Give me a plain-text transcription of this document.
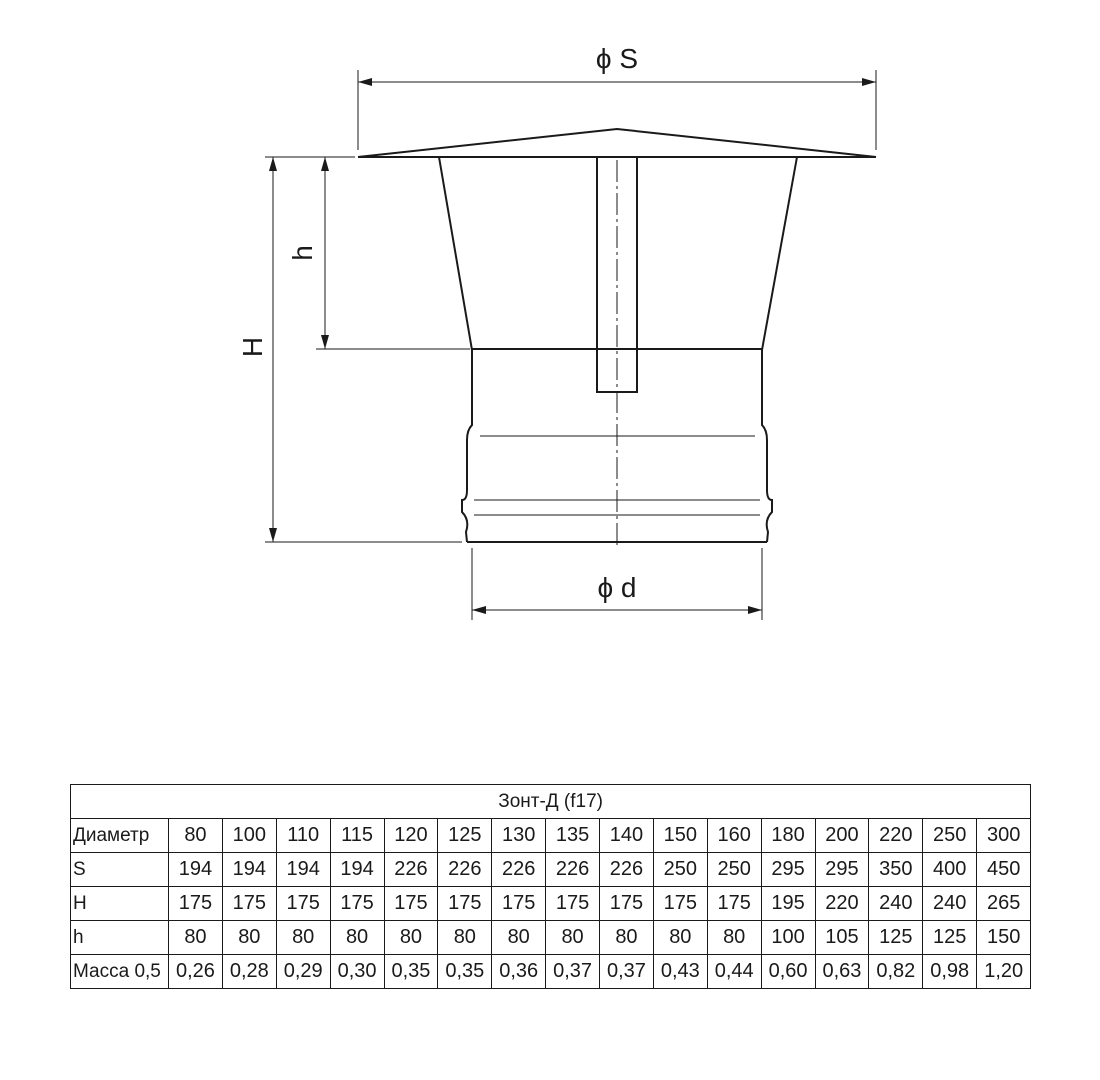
ϕ S
ϕ d
H
h
Зонт-Д (f17)																
Диаметр	80	100	110	115	120	125	130	135	140	150	160	180	200	220	250	300
S	194	194	194	194	226	226	226	226	226	250	250	295	295	350	400	450
H	175	175	175	175	175	175	175	175	175	175	175	195	220	240	240	265
h	80	80	80	80	80	80	80	80	80	80	80	100	105	125	125	150
Масса 0,5	0,26	0,28	0,29	0,30	0,35	0,35	0,36	0,37	0,37	0,43	0,44	0,60	0,63	0,82	0,98	1,20
